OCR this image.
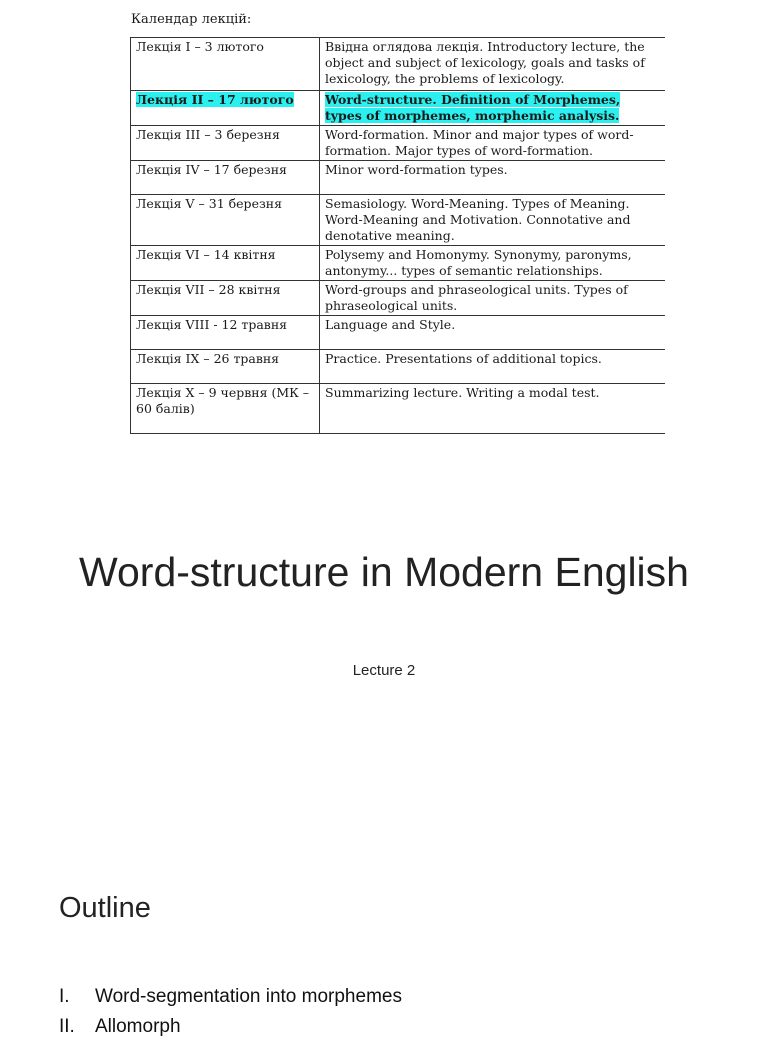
Календар лекцій:
Лекція I – 3 лютого	Ввідна оглядова лекція. Introductory lecture, the object and subject of lexicology, goals and tasks of lexicology, the problems of lexicology.
Лекція II – 17 лютого	Word-structure. Definition of Morphemes, types of morphemes, morphemic analysis.
Лекція III – 3 березня	Word-formation. Minor and major types of word-formation. Major types of word-formation.
Лекція IV – 17 березня	Minor word-formation types.
Лекція V – 31 березня	Semasiology. Word-Meaning. Types of Meaning. Word-Meaning and Motivation. Connotative and denotative meaning.
Лекція VI – 14 квітня	Polysemy and Homonymy. Synonymy, paronyms, antonymy... types of semantic relationships.
Лекція VII – 28 квітня	Word-groups and phraseological units. Types of phraseological units.
Лекція VIII - 12 травня	Language and Style.
Лекція IX – 26 травня	Practice. Presentations of additional topics.
Лекція X – 9 червня (МК – 60 балів)	Summarizing lecture. Writing a modal test.
Word-structure in Modern English
Lecture 2
Outline
I.	Word-segmentation into morphemes
II.	Allomorph
